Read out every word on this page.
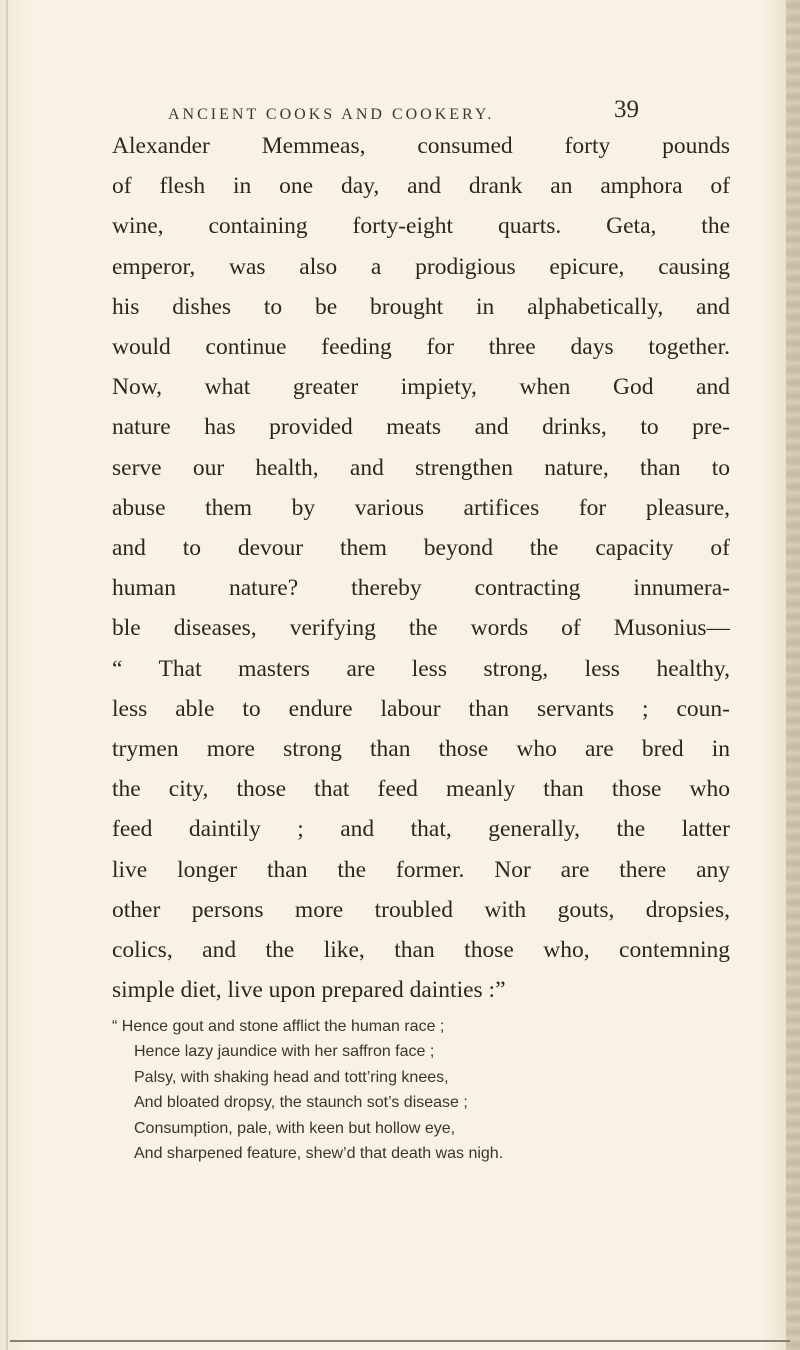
ANCIENT COOKS AND COOKERY.	39
Alexander Memmeas, consumed forty pounds
of flesh in one day, and drank an amphora of
wine, containing forty-eight quarts. Geta, the
emperor, was also a prodigious epicure, causing
his dishes to be brought in alphabetically, and
would continue feeding for three days together.
Now, what greater impiety, when God and
nature has provided meats and drinks, to pre-
serve our health, and strengthen nature, than to
abuse them by various artifices for pleasure,
and to devour them beyond the capacity of
human nature? thereby contracting innumera-
ble diseases, verifying the words of Musonius—
“ That masters are less strong, less healthy,
less able to endure labour than servants ; coun-
trymen more strong than those who are bred in
the city, those that feed meanly than those who
feed daintily ; and that, generally, the latter
live longer than the former. Nor are there any
other persons more troubled with gouts, dropsies,
colics, and the like, than those who, contemning
simple diet, live upon prepared dainties :”
“ Hence gout and stone afflict the human race ;
Hence lazy jaundice with her saffron face ;
Palsy, with shaking head and tott’ring knees,
And bloated dropsy, the staunch sot’s disease ;
Consumption, pale, with keen but hollow eye,
And sharpened feature, shew’d that death was nigh.
